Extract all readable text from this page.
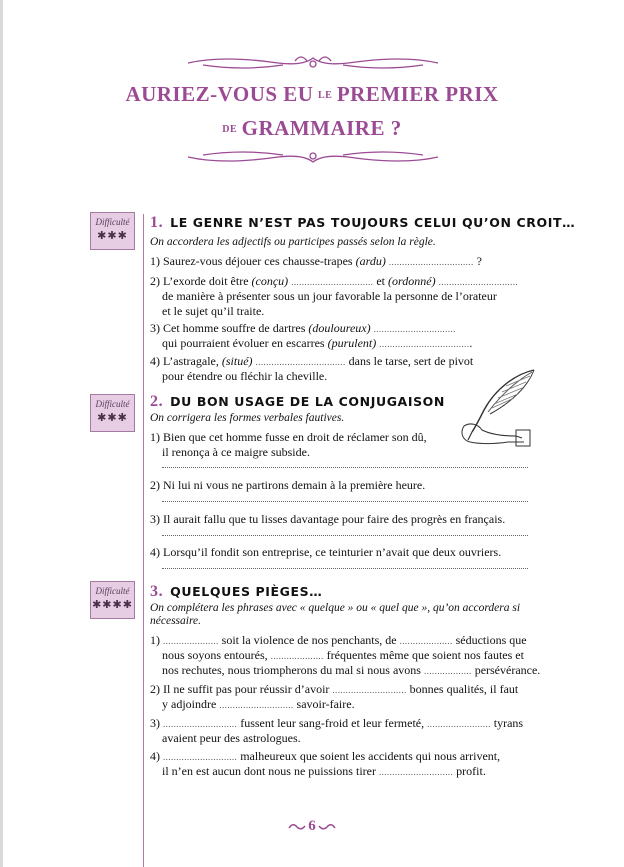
AURIEZ-VOUS EU LE PREMIER PRIX
DE GRAMMAIRE ?
Difficulté
✱✱✱
1. LE GENRE N’EST PAS TOUJOURS CELUI QU’ON CROIT…
On accordera les adjectifs ou participes passés selon la règle.
1) Saurez-vous déjouer ces chausse-trapes (ardu) ................................ ?
2) L’exorde doit être (conçu) ............................... et (ordonné) ..............................
de manière à présenter sous un jour favorable la personne de l’orateur
et le sujet qu’il traite.
3) Cet homme souffre de dartres (douloureux) ...............................
qui pourraient évoluer en escarres (purulent) ...................................
4) L’astragale, (situé) .................................. dans le tarse, sert de pivot
pour étendre ou fléchir la cheville.
Difficulté
✱✱✱
2. DU BON USAGE DE LA CONJUGAISON
On corrigera les formes verbales fautives.
1) Bien que cet homme fusse en droit de réclamer son dû,
il renonça à ce maigre subside.
2) Ni lui ni vous ne partirons demain à la première heure.
3) Il aurait fallu que tu lisses davantage pour faire des progrès en français.
4) Lorsqu’il fondit son entreprise, ce teinturier n’avait que deux ouvriers.
Difficulté
✱✱✱✱
3. QUELQUES PIÈGES…
On complétera les phrases avec « quelque » ou « quel que », qu’on accordera si nécessaire.
1) ..................... soit la violence de nos penchants, de .................... séductions que
nous soyons entourés, .................... fréquentes même que soient nos fautes et
nos rechutes, nous triompherons du mal si nous avons .................. persévérance.
2) Il ne suffit pas pour réussir d’avoir ............................ bonnes qualités, il faut
y adjoindre ............................ savoir-faire.
3) ............................ fussent leur sang-froid et leur fermeté, ........................ tyrans
avaient peur des astrologues.
4) ............................ malheureux que soient les accidents qui nous arrivent,
il n’en est aucun dont nous ne puissions tirer ............................ profit.
6
